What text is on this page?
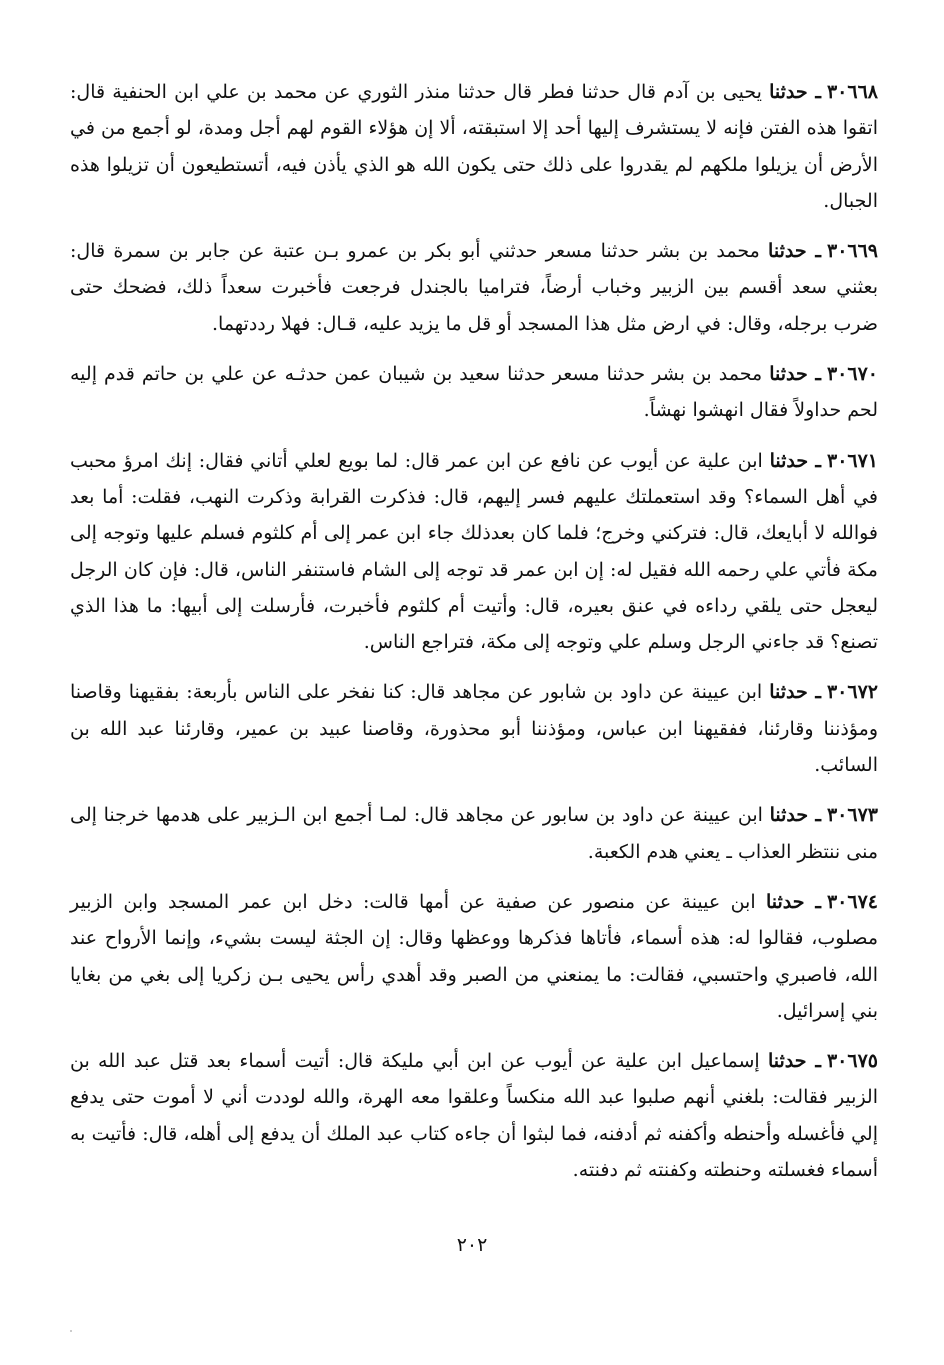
٣٠٦٦٨ـ حدثنا يحيى بن آدم قال حدثنا فطر قال حدثنا منذر الثوري عن محمد بن علي ابن الحنفية قال: اتقوا هذه الفتن فإنه لا يستشرف إليها أحد إلا استبقته، ألا إن هؤلاء القوم لهم أجل ومدة، لو أجمع من في الأرض أن يزيلوا ملكهم لم يقدروا على ذلك حتى يكون الله هو الذي يأذن فيه، أتستطيعون أن تزيلوا هذه الجبال.

٣٠٦٦٩ـ حدثنا محمد بن بشر حدثنا مسعر حدثني أبو بكر بن عمرو بـن عتبة عن جابر بن سمرة قال: بعثني سعد أقسم بين الزبير وخباب أرضاً، فتراميا بالجندل فرجعت فأخبرت سعداً ذلك، فضحك حتى ضرب برجله، وقال: في ارض مثل هذا المسجد أو قل ما يزيد عليه، قـال: فهلا رددتهما.

٣٠٦٧٠ـ حدثنا محمد بن بشر حدثنا مسعر حدثنا سعيد بن شيبان عمن حدثـه عن علي بن حاتم قدم إليه لحم حداولاً فقال انهشوا نهشاً.

٣٠٦٧١ـ حدثنا ابن علية عن أيوب عن نافع عن ابن عمر قال: لما بويع لعلي أتاني فقال: إنك امرؤ محبب في أهل السماء؟ وقد استعملتك عليهم فسر إليهم، قال: فذكرت القرابة وذكرت النهب، فقلت: أما بعد فوالله لا أبايعك، قال: فتركني وخرج؛ فلما كان بعدذلك جاء ابن عمر إلى أم كلثوم فسلم عليها وتوجه إلى مكة فأتي علي رحمه الله فقيل له: إن ابن عمر قد توجه إلى الشام فاستنفر الناس، قال: فإن كان الرجل ليعجل حتى يلقي رداءه في عنق بعيره، قال: وأتيت أم كلثوم فأخبرت، فأرسلت إلى أبيها: ما هذا الذي تصنع؟ قد جاءني الرجل وسلم علي وتوجه إلى مكة، فتراجع الناس.

٣٠٦٧٢ـ حدثنا ابن عيينة عن داود بن شابور عن مجاهد قال: كنا نفخر على الناس بأربعة: بفقيهنا وقاصنا ومؤذننا وقارئنا، ففقيهنا ابن عباس، ومؤذننا أبو محذورة، وقاصنا عبيد بن عمير، وقارئنا عبد الله بن السائب.

٣٠٦٧٣ـ حدثنا ابن عيينة عن داود بن سابور عن مجاهد قال: لمـا أجمع ابن الـزبير على هدمها خرجنا إلى منى ننتظر العذاب ـ يعني هدم الكعبة.

٣٠٦٧٤ـ حدثنا ابن عيينة عن منصور عن صفية عن أمها قالت: دخل ابن عمر المسجد وابن الزبير مصلوب، فقالوا له: هذه أسماء، فأتاها فذكرها ووعظها وقال: إن الجثة ليست بشيء، وإنما الأرواح عند الله، فاصبري واحتسبي، فقالت: ما يمنعني من الصبر وقد أهدي رأس يحيى بـن زكريا إلى بغي من بغايا بني إسرائيل.

٣٠٦٧٥ـ حدثنا إسماعيل ابن علية عن أيوب عن ابن أبي مليكة قال: أتيت أسماء بعد قتل عبد الله بن الزبير فقالت: بلغني أنهم صلبوا عبد الله منكساً وعلقوا معه الهرة، والله لوددت أني لا أموت حتى يدفع إلي فأغسله وأحنطه وأكفنه ثم أدفنه، فما لبثوا أن جاءه كتاب عبد الملك أن يدفع إلى أهله، قال: فأتيت به أسماء فغسلته وحنطته وكفنته ثم دفنته.

٢٠٢
